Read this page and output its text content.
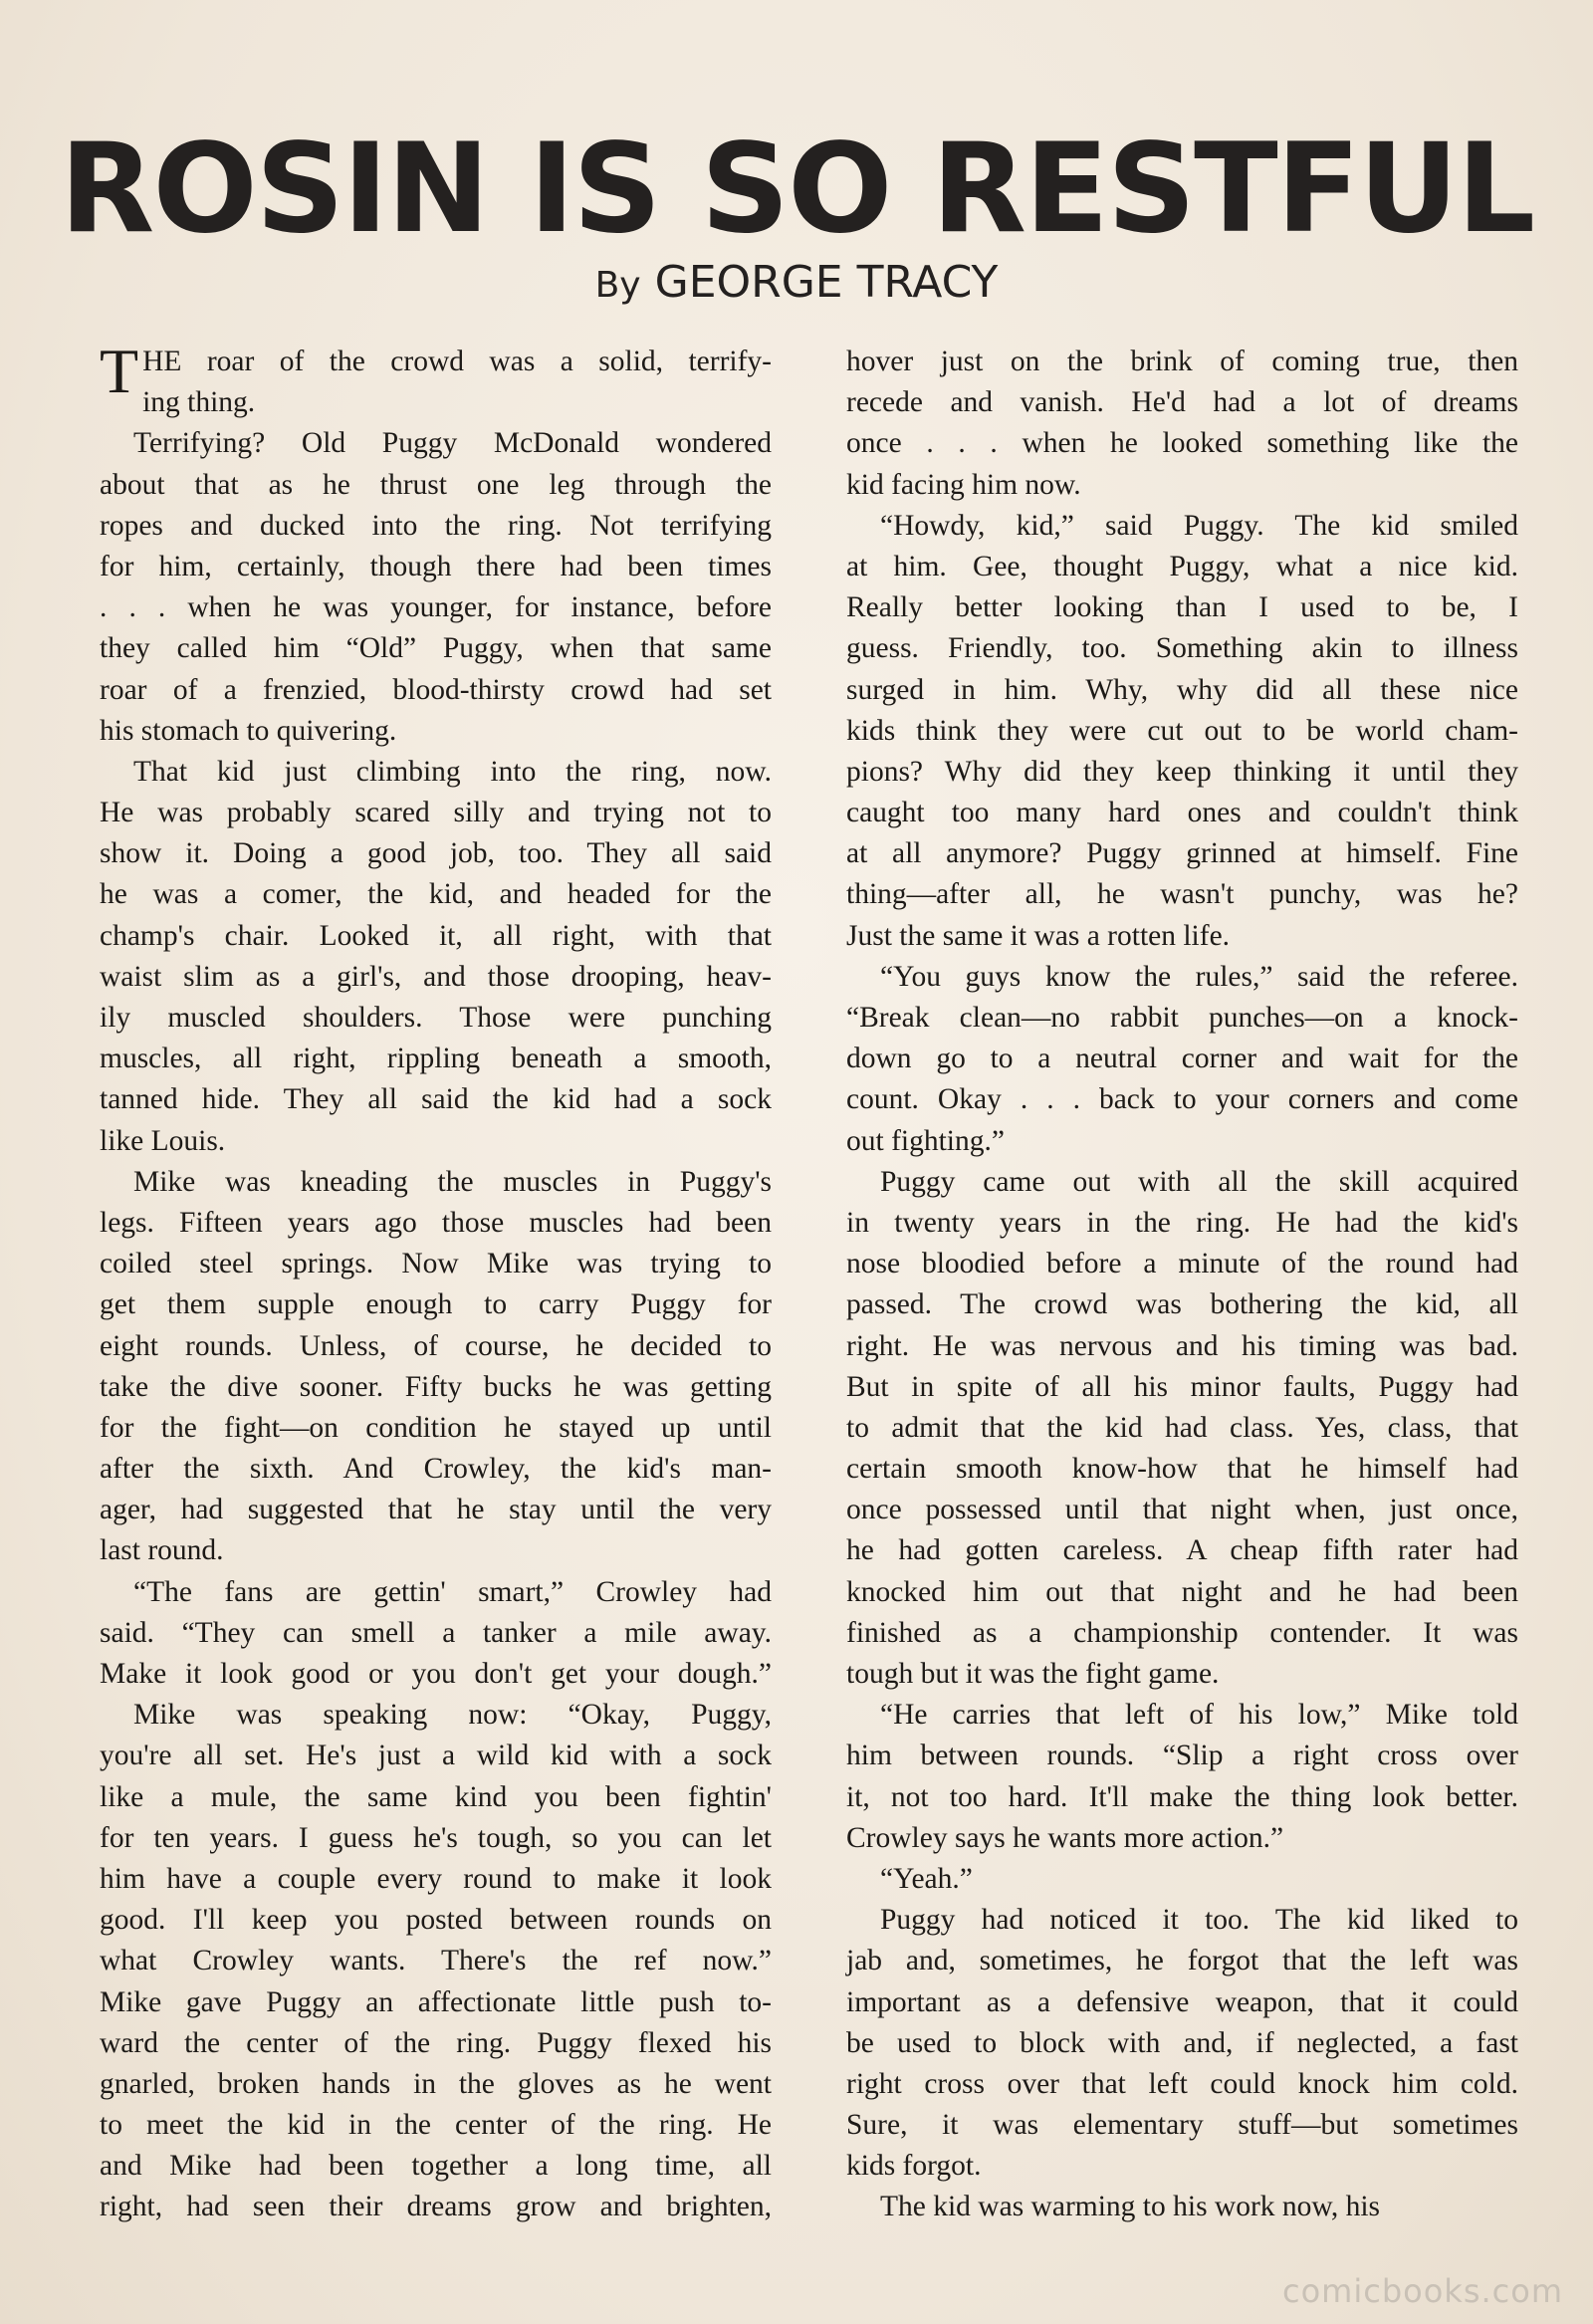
ROSIN IS SO RESTFUL
By GEORGE TRACY
T HE roar of the crowd was a solid, terrify-
ing thing.
Terrifying? Old Puggy McDonald wondered
about that as he thrust one leg through the
ropes and ducked into the ring. Not terrifying
for him, certainly, though there had been times
. . . when he was younger, for instance, before
they called him “Old” Puggy, when that same
roar of a frenzied, blood-thirsty crowd had set
his stomach to quivering.
That kid just climbing into the ring, now.
He was probably scared silly and trying not to
show it. Doing a good job, too. They all said
he was a comer, the kid, and headed for the
champ's chair. Looked it, all right, with that
waist slim as a girl's, and those drooping, heav-
ily muscled shoulders. Those were punching
muscles, all right, rippling beneath a smooth,
tanned hide. They all said the kid had a sock
like Louis.
Mike was kneading the muscles in Puggy's
legs. Fifteen years ago those muscles had been
coiled steel springs. Now Mike was trying to
get them supple enough to carry Puggy for
eight rounds. Unless, of course, he decided to
take the dive sooner. Fifty bucks he was getting
for the fight—on condition he stayed up until
after the sixth. And Crowley, the kid's man-
ager, had suggested that he stay until the very
last round.
“The fans are gettin' smart,” Crowley had
said. “They can smell a tanker a mile away.
Make it look good or you don't get your dough.”
Mike was speaking now: “Okay, Puggy,
you're all set. He's just a wild kid with a sock
like a mule, the same kind you been fightin'
for ten years. I guess he's tough, so you can let
him have a couple every round to make it look
good. I'll keep you posted between rounds on
what Crowley wants. There's the ref now.”
Mike gave Puggy an affectionate little push to-
ward the center of the ring. Puggy flexed his
gnarled, broken hands in the gloves as he went
to meet the kid in the center of the ring. He
and Mike had been together a long time, all
right, had seen their dreams grow and brighten,
hover just on the brink of coming true, then
recede and vanish. He'd had a lot of dreams
once . . . when he looked something like the
kid facing him now.
“Howdy, kid,” said Puggy. The kid smiled
at him. Gee, thought Puggy, what a nice kid.
Really better looking than I used to be, I
guess. Friendly, too. Something akin to illness
surged in him. Why, why did all these nice
kids think they were cut out to be world cham-
pions? Why did they keep thinking it until they
caught too many hard ones and couldn't think
at all anymore? Puggy grinned at himself. Fine
thing—after all, he wasn't punchy, was he?
Just the same it was a rotten life.
“You guys know the rules,” said the referee.
“Break clean—no rabbit punches—on a knock-
down go to a neutral corner and wait for the
count. Okay . . . back to your corners and come
out fighting.”
Puggy came out with all the skill acquired
in twenty years in the ring. He had the kid's
nose bloodied before a minute of the round had
passed. The crowd was bothering the kid, all
right. He was nervous and his timing was bad.
But in spite of all his minor faults, Puggy had
to admit that the kid had class. Yes, class, that
certain smooth know-how that he himself had
once possessed until that night when, just once,
he had gotten careless. A cheap fifth rater had
knocked him out that night and he had been
finished as a championship contender. It was
tough but it was the fight game.
“He carries that left of his low,” Mike told
him between rounds. “Slip a right cross over
it, not too hard. It'll make the thing look better.
Crowley says he wants more action.”
“Yeah.”
Puggy had noticed it too. The kid liked to
jab and, sometimes, he forgot that the left was
important as a defensive weapon, that it could
be used to block with and, if neglected, a fast
right cross over that left could knock him cold.
Sure, it was elementary stuff—but sometimes
kids forgot.
The kid was warming to his work now, his
comicbooks.com
